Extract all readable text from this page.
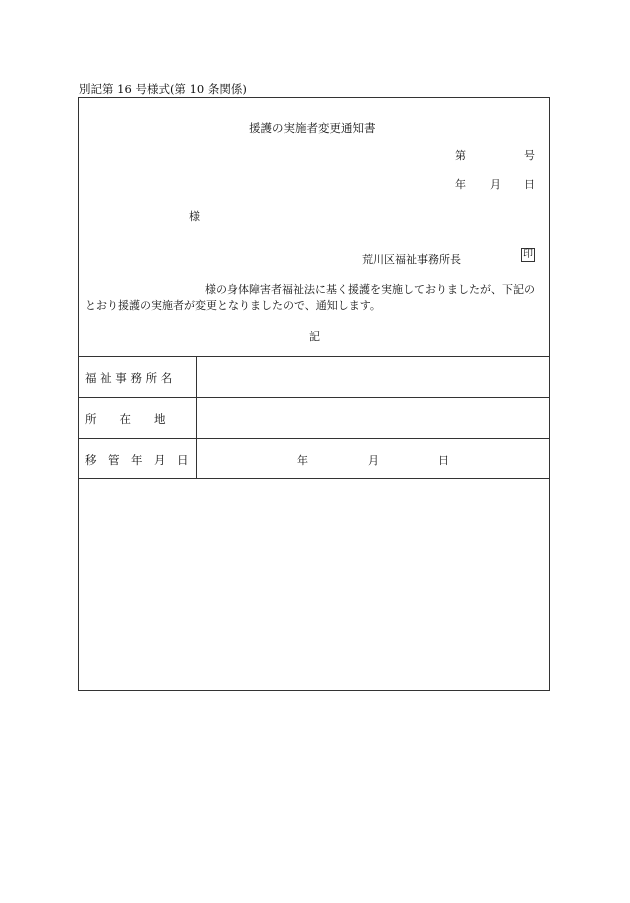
別記第 16 号様式(第 10 条関係)
援護の実施者変更通知書
第	号
年 月 日
様
荒川区福祉事務所長	印
様の身体障害者福祉法に基く援護を実施しておりましたが、下記の
とおり援護の実施者が変更となりましたので、通知します。
記
福 祉 事 務 所 名
所　　在　　地
移　管　年　月　日	年	月	日
